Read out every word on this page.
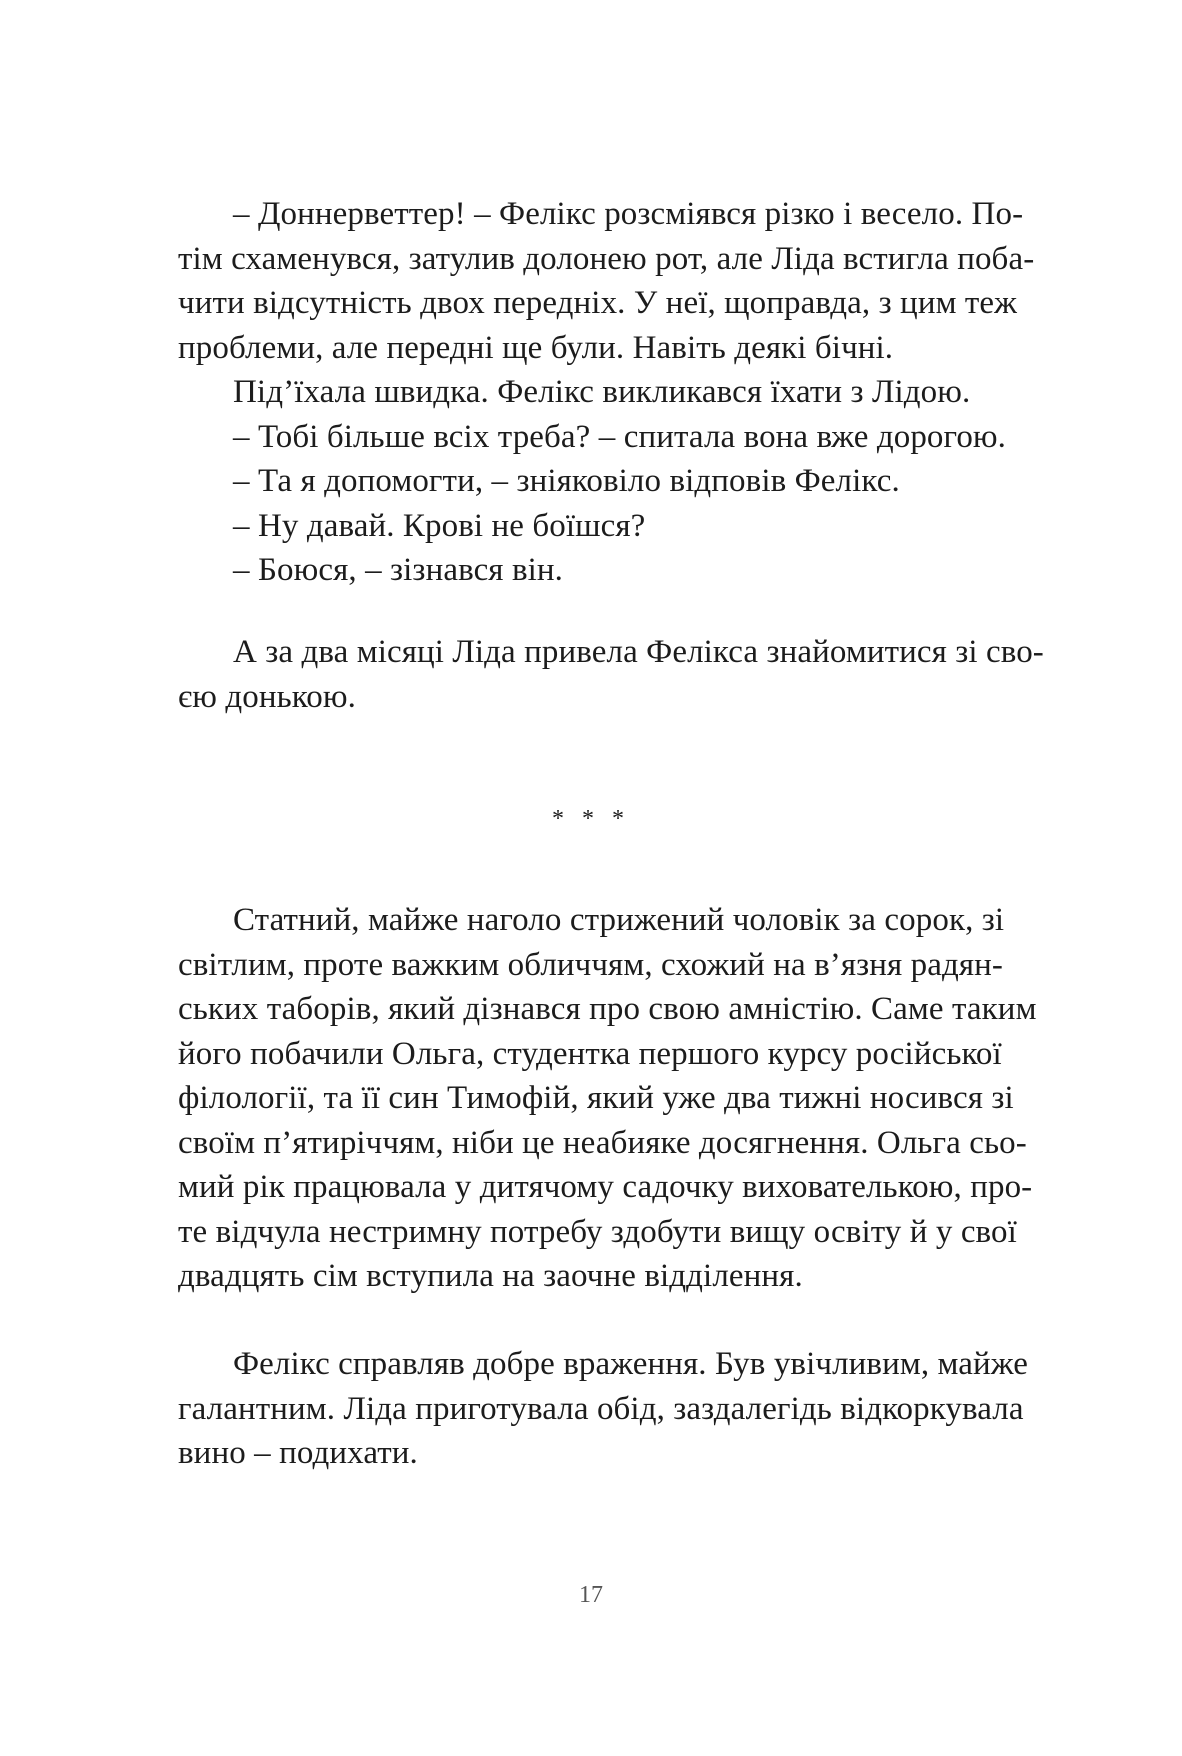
– Доннерветтер! – Фелікс розсміявся різко і весело. По-
тім схаменувся, затулив долонею рот, але Ліда встигла поба-
чити відсутність двох передніх. У неї, щоправда, з цим теж
проблеми, але передні ще були. Навіть деякі бічні.
Під’їхала швидка. Фелікс викликався їхати з Лідою.
– Тобі більше всіх треба? – спитала вона вже дорогою.
– Та я допомогти, – зніяковіло відповів Фелікс.
– Ну давай. Крові не боїшся?
– Боюся, – зізнався він.
А за два місяці Ліда привела Фелікса знайомитися зі сво-
єю донькою.
* * *
Статний, майже наголо стрижений чоловік за сорок, зі
світлим, проте важким обличчям, схожий на в’язня радян-
ських таборів, який дізнався про свою амністію. Саме таким
його побачили Ольга, студентка першого курсу російської
філології, та її син Тимофій, який уже два тижні носився зі
своїм п’ятиріччям, ніби це неабияке досягнення. Ольга сьо-
мий рік працювала у дитячому садочку вихователькою, про-
те відчула нестримну потребу здобути вищу освіту й у свої
двадцять сім вступила на заочне відділення.
Фелікс справляв добре враження. Був увічливим, майже
галантним. Ліда приготувала обід, заздалегідь відкоркувала
вино – подихати.
17
